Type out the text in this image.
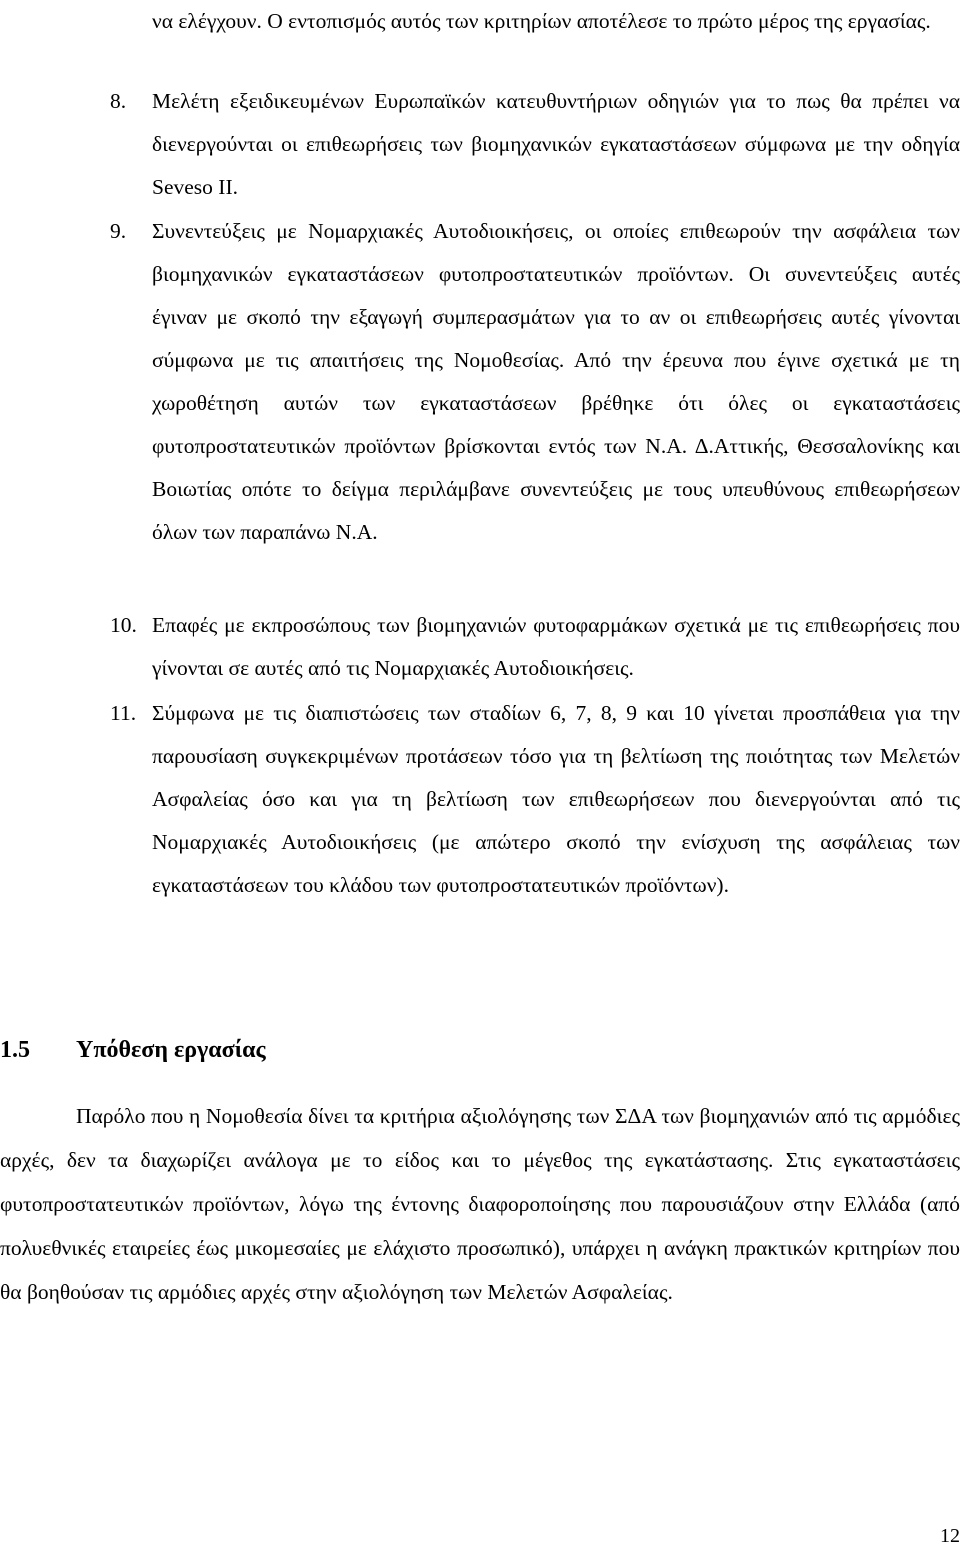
να ελέγχουν. Ο εντοπισμός αυτός των κριτηρίων αποτέλεσε το πρώτο μέρος της εργασίας.

8.	Μελέτη εξειδικευμένων Ευρωπαϊκών κατευθυντήριων οδηγιών για το πως θα πρέπει να διενεργούνται οι επιθεωρήσεις των βιομηχανικών εγκαταστάσεων σύμφωνα με την οδηγία Seveso II.
9.	Συνεντεύξεις με Νομαρχιακές Αυτοδιοικήσεις, οι οποίες επιθεωρούν την ασφάλεια των βιομηχανικών εγκαταστάσεων φυτοπροστατευτικών προϊόντων. Οι συνεντεύξεις αυτές έγιναν με σκοπό την εξαγωγή συμπερασμάτων για το αν οι επιθεωρήσεις αυτές γίνονται σύμφωνα με τις απαιτήσεις της Νομοθεσίας. Από την έρευνα που έγινε σχετικά με τη χωροθέτηση αυτών των εγκαταστάσεων βρέθηκε ότι όλες οι εγκαταστάσεις φυτοπροστατευτικών προϊόντων βρίσκονται εντός των Ν.Α. Δ.Αττικής, Θεσσαλονίκης και Βοιωτίας οπότε το δείγμα περιλάμβανε συνεντεύξεις με τους υπευθύνους επιθεωρήσεων όλων των παραπάνω Ν.Α.
10. Επαφές με εκπροσώπους των βιομηχανιών φυτοφαρμάκων σχετικά με τις επιθεωρήσεις που γίνονται σε αυτές από τις Νομαρχιακές Αυτοδιοικήσεις.
11. Σύμφωνα με τις διαπιστώσεις των σταδίων 6, 7, 8, 9 και 10 γίνεται προσπάθεια για την παρουσίαση συγκεκριμένων προτάσεων τόσο για τη βελτίωση της ποιότητας των Μελετών Ασφαλείας όσο και για τη βελτίωση των επιθεωρήσεων που διενεργούνται από τις Νομαρχιακές Αυτοδιοικήσεις (με απώτερο σκοπό την ενίσχυση της ασφάλειας των εγκαταστάσεων του κλάδου των φυτοπροστατευτικών προϊόντων).
1.5 Υπόθεση εργασίας

Παρόλο που η Νομοθεσία δίνει τα κριτήρια αξιολόγησης των ΣΔΑ των βιομηχανιών από τις αρμόδιες αρχές, δεν τα διαχωρίζει ανάλογα με το είδος και το μέγεθος της εγκατάστασης. Στις εγκαταστάσεις φυτοπροστατευτικών προϊόντων, λόγω της έντονης διαφοροποίησης που παρουσιάζουν στην Ελλάδα (από πολυεθνικές εταιρείες έως μικομεσαίες με ελάχιστο προσωπικό), υπάρχει η ανάγκη πρακτικών κριτηρίων που θα βοηθούσαν τις αρμόδιες αρχές στην αξιολόγηση των Μελετών Ασφαλείας.

12
